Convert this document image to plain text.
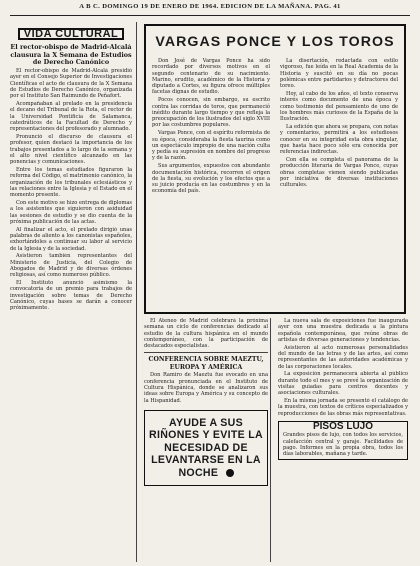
A B C. DOMINGO 19 DE ENERO DE 1964. EDICION DE LA MAÑANA. PAG. 41
VIDA CULTURAL

El rector-obispo de Madrid-Alcalá clausura la X Semana de Estudios de Derecho Canónico

El rector-obispo de Madrid-Alcalá presidió ayer en el Consejo Superior de Investigaciones Científicas el acto de clausura de la X Semana de Estudios de Derecho Canónico, organizada por el Instituto San Raimundo de Peñafort.

Acompañaban al prelado en la presidencia el decano del Tribunal de la Rota, el rector de la Universidad Pontificia de Salamanca, catedráticos de la Facultad de Derecho y representaciones del profesorado y alumnado.

Pronunció el discurso de clausura el profesor, quien destacó la importancia de los trabajos presentados a lo largo de la semana y el alto nivel científico alcanzado en las ponencias y comunicaciones.

Entre los temas estudiados figuraron la reforma del Código, el matrimonio canónico, la organización de los tribunales eclesiásticos y las relaciones entre la Iglesia y el Estado en el momento presente.

Con este motivo se hizo entrega de diplomas a los asistentes que siguieron con asiduidad las sesiones de estudio y se dio cuenta de la próxima publicación de las actas.

Al finalizar el acto, el prelado dirigió unas palabras de aliento a los canonistas españoles, exhortándoles a continuar su labor al servicio de la Iglesia y de la sociedad.

Asistieron también representantes del Ministerio de Justicia, del Colegio de Abogados de Madrid y de diversas órdenes religiosas, así como numeroso público.

El Instituto anunció asimismo la convocatoria de un premio para trabajos de investigación sobre temas de Derecho Canónico, cuyas bases se darán a conocer próximamente.

VARGAS PONCE Y LOS TOROS

Don José de Vargas Ponce ha sido recordado por diversos motivos en el segundo centenario de su nacimiento. Marino, erudito, académico de la Historia y diputado a Cortes, su figura ofrece múltiples facetas dignas de estudio.

Pocos conocen, sin embargo, su escrito contra las corridas de toros, que permaneció inédito durante largo tiempo y que refleja la preocupación de los ilustrados del siglo XVIII por las costumbres populares.

Vargas Ponce, con el espíritu reformista de su época, consideraba la fiesta taurina como un espectáculo impropio de una nación culta y pedía su supresión en nombre del progreso y de la razón.

Sus argumentos, expuestos con abundante documentación histórica, recorren el origen de la fiesta, su evolución y los efectos que a su juicio producía en las costumbres y en la economía del país.

La disertación, redactada con estilo vigoroso, fue leída en la Real Academia de la Historia y suscitó en su día no pocas polémicas entre partidarios y detractores del toreo.

Hoy, al cabo de los años, el texto conserva interés como documento de una época y como testimonio del pensamiento de uno de los hombres más curiosos de la España de la Ilustración.

La edición que ahora se prepara, con notas y comentarios, permitirá a los estudiosos conocer en su integridad esta obra singular, que hasta hace poco sólo era conocida por referencias indirectas.

Con ella se completa el panorama de la producción literaria de Vargas Ponce, cuyas obras completas vienen siendo publicadas por iniciativa de diversas instituciones culturales.

El Ateneo de Madrid celebrará la próxima semana un ciclo de conferencias dedicado al estudio de la cultura hispánica en el mundo contemporáneo, con la participación de destacados especialistas.

CONFERENCIA SOBRE MAEZTU, EUROPA Y AMÉRICA

Don Ramiro de Maeztu fue evocado en una conferencia pronunciada en el Instituto de Cultura Hispánica, donde se analizaron sus ideas sobre Europa y América y su concepto de la Hispanidad.

AYUDE A SUS RIÑONES Y EVITE LA NECESIDAD DE LEVANTARSE EN LA NOCHE

La nueva sala de exposiciones fue inaugurada ayer con una muestra dedicada a la pintura española contemporánea, que reúne obras de artistas de diversas generaciones y tendencias.

Asistieron al acto numerosas personalidades del mundo de las letras y de las artes, así como representantes de las autoridades académicas y de las corporaciones locales.

La exposición permanecerá abierta al público durante todo el mes y se prevé la organización de visitas guiadas para centros docentes y asociaciones culturales.

En la misma jornada se presentó el catálogo de la muestra, con textos de críticos especializados y reproducciones de las obras más representativas.

PISOS LUJO
Grandes pisos de lujo, con todos los servicios, calefacción central y garaje. Facilidades de pago. Informes en la propia obra, todos los días laborables, mañana y tarde.
